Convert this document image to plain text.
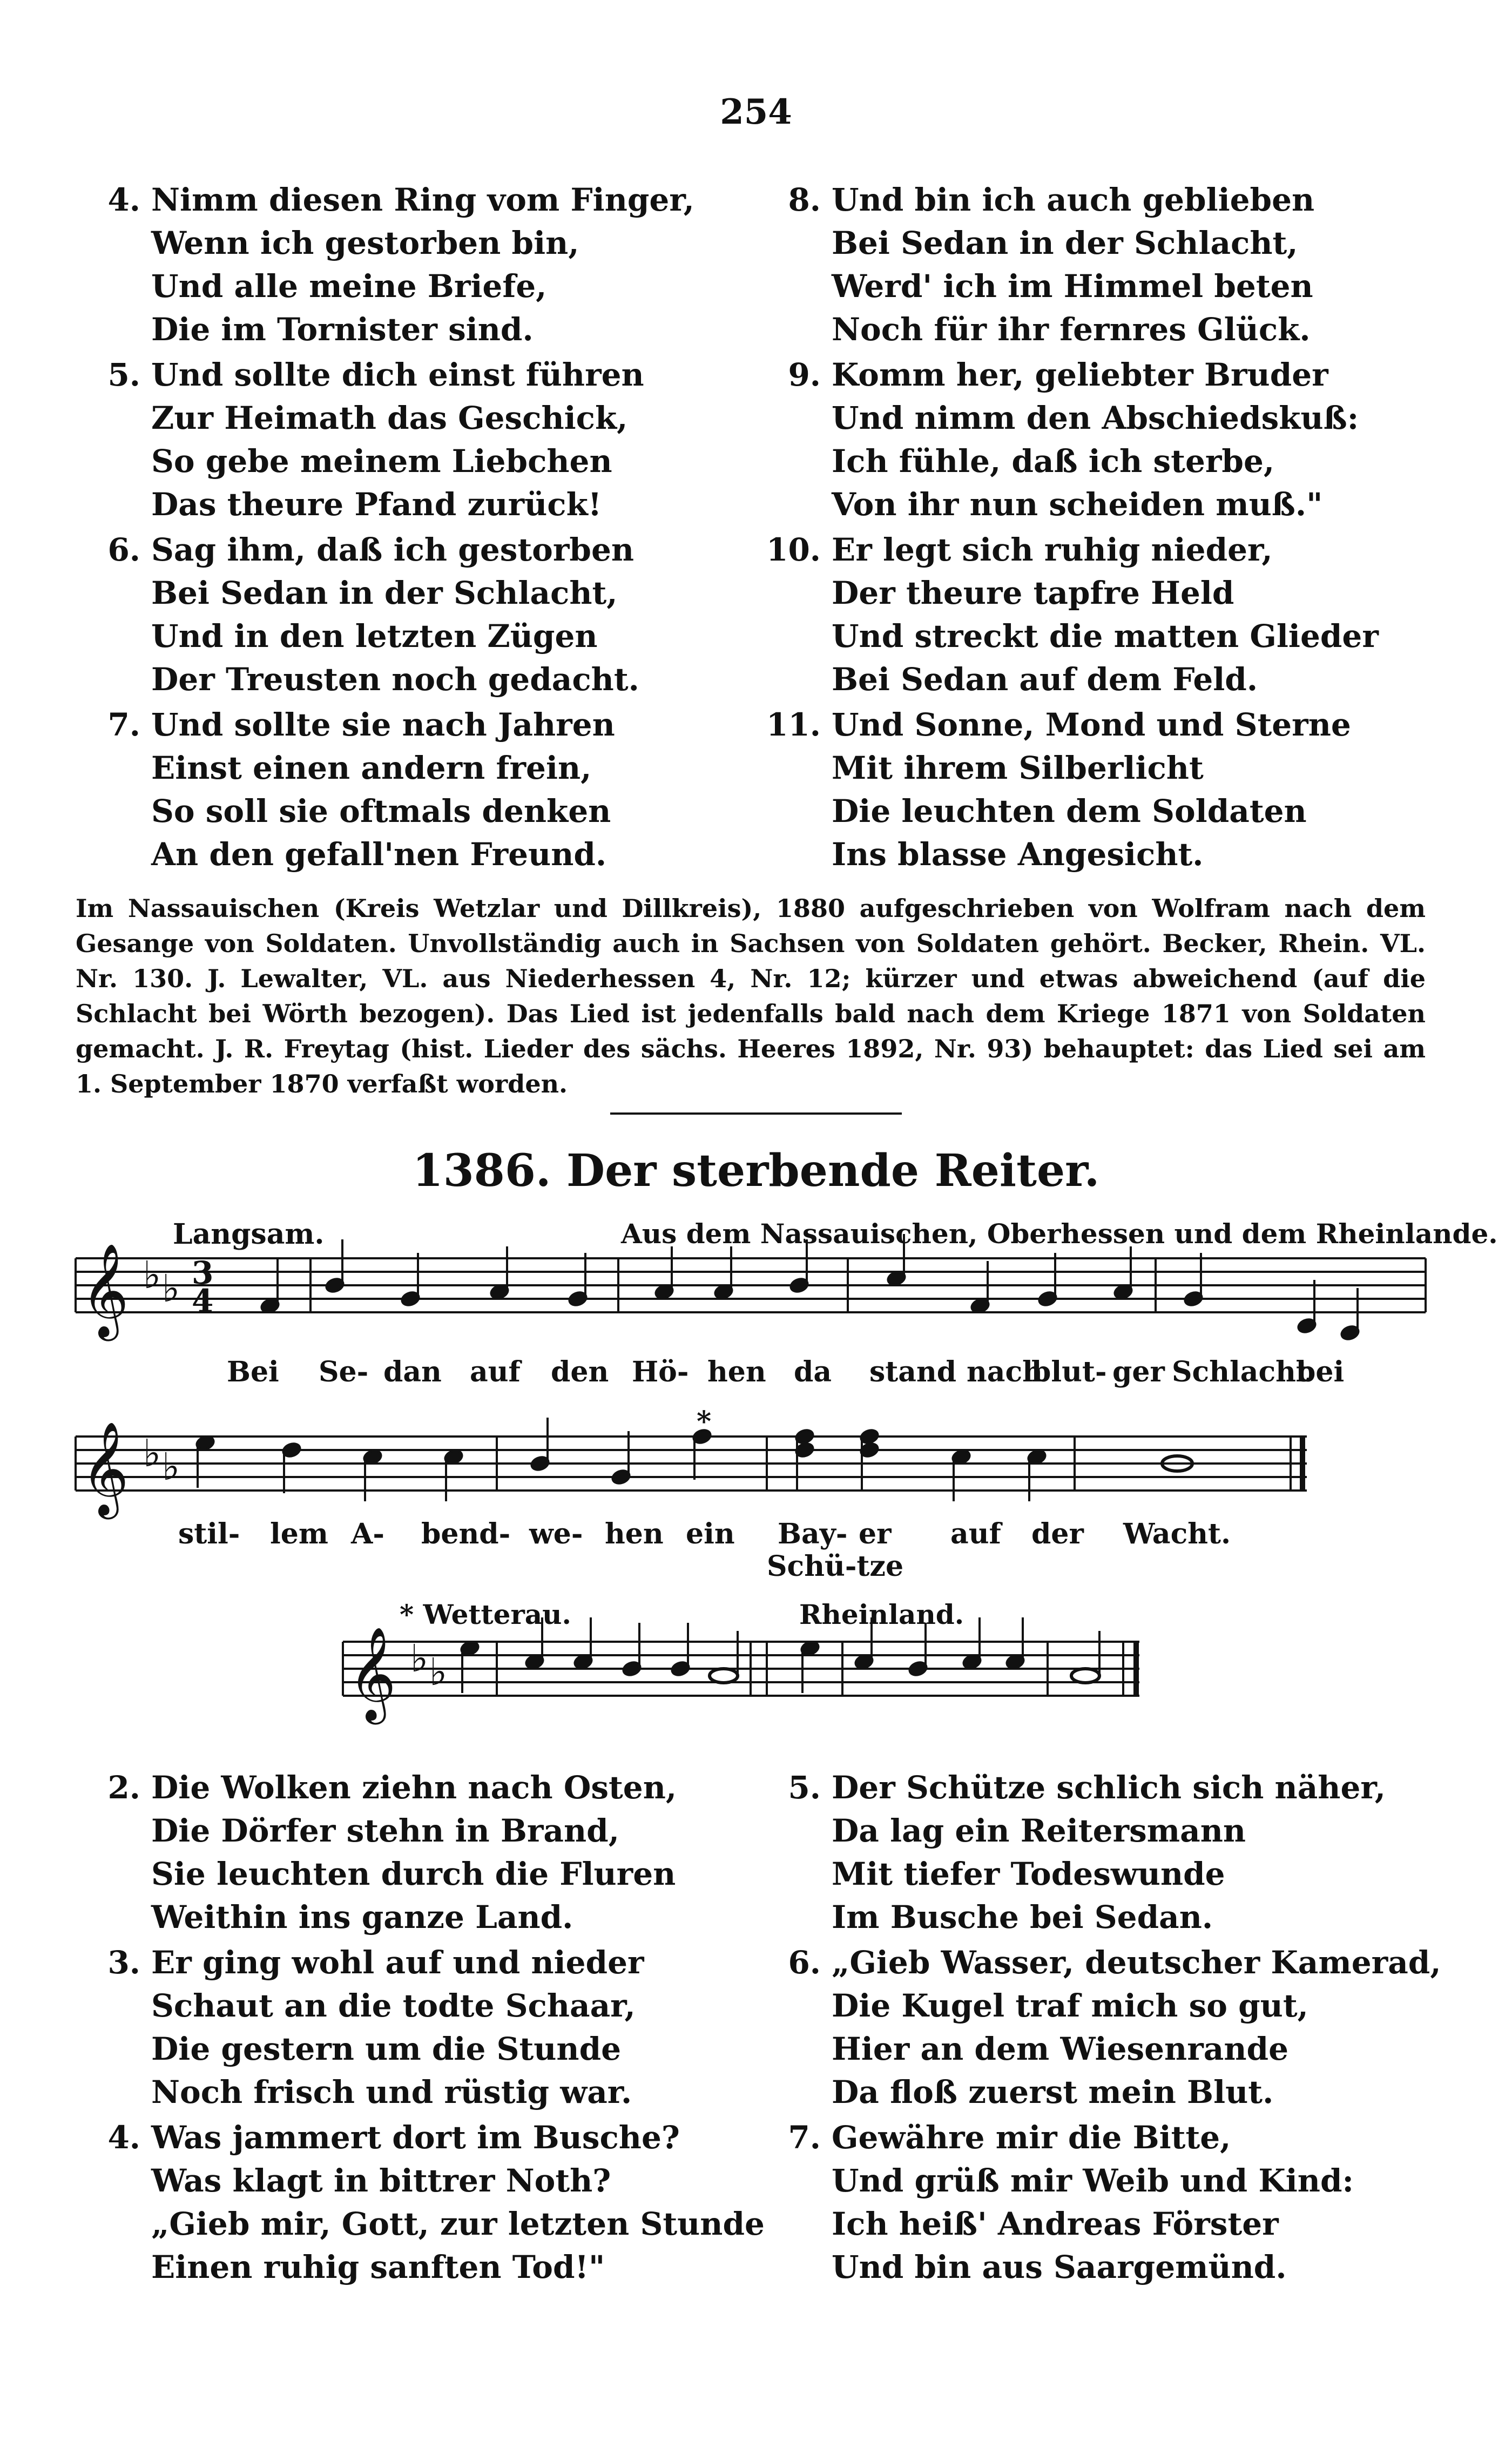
254
4. Nimm diesen Ring vom Finger,
Wenn ich gestorben bin,
Und alle meine Briefe,
Die im Tornister sind.
5. Und sollte dich einst führen
Zur Heimath das Geschick,
So gebe meinem Liebchen
Das theure Pfand zurück!
6. Sag ihm, daß ich gestorben
Bei Sedan in der Schlacht,
Und in den letzten Zügen
Der Treusten noch gedacht.
7. Und sollte sie nach Jahren
Einst einen andern frein,
So soll sie oftmals denken
An den gefall'nen Freund.
8. Und bin ich auch geblieben
Bei Sedan in der Schlacht,
Werd' ich im Himmel beten
Noch für ihr fernres Glück.
9. Komm her, geliebter Bruder
Und nimm den Abschiedskuß:
Ich fühle, daß ich sterbe,
Von ihr nun scheiden muß."
10. Er legt sich ruhig nieder,
Der theure tapfre Held
Und streckt die matten Glieder
Bei Sedan auf dem Feld.
11. Und Sonne, Mond und Sterne
Mit ihrem Silberlicht
Die leuchten dem Soldaten
Ins blasse Angesicht.
Im Nassauischen (Kreis Wetzlar und Dillkreis), 1880 aufgeschrieben von Wolfram nach dem Gesange von Soldaten. Unvollständig auch in Sachsen von Soldaten gehört. Becker, Rhein. VL. Nr. 130. J. Lewalter, VL. aus Niederhessen 4, Nr. 12; kürzer und etwas abweichend (auf die Schlacht bei Wörth bezogen). Das Lied ist jedenfalls bald nach dem Kriege 1871 von Soldaten gemacht. J. R. Freytag (hist. Lieder des sächs. Heeres 1892, Nr. 93) behauptet: das Lied sei am 1. September 1870 verfaßt worden.
1386. Der sterbende Reiter.
Langsam.	Aus dem Nassauischen, Oberhessen und dem Rheinlande.
𝄞 ♭ ♭ 3
4
𝄞 ♭ ♭
*
𝄞 ♭ ♭
Bei Se- dan auf den Hö- hen da stand nach
blut- ger Schlacht
bei
stil- lem A- bend- we- hen ein Bay- er auf der Wacht.
Schü-tze
* Wetterau.	Rheinland.
2. Die Wolken ziehn nach Osten,
Die Dörfer stehn in Brand,
Sie leuchten durch die Fluren
Weithin ins ganze Land.
3. Er ging wohl auf und nieder
Schaut an die todte Schaar,
Die gestern um die Stunde
Noch frisch und rüstig war.
4. Was jammert dort im Busche?
Was klagt in bittrer Noth?
„Gieb mir, Gott, zur letzten Stunde
Einen ruhig sanften Tod!"
5. Der Schütze schlich sich näher,
Da lag ein Reitersmann
Mit tiefer Todeswunde
Im Busche bei Sedan.
6. „Gieb Wasser, deutscher Kamerad,
Die Kugel traf mich so gut,
Hier an dem Wiesenrande
Da floß zuerst mein Blut.
7. Gewähre mir die Bitte,
Und grüß mir Weib und Kind:
Ich heiß' Andreas Förster
Und bin aus Saargemünd.
